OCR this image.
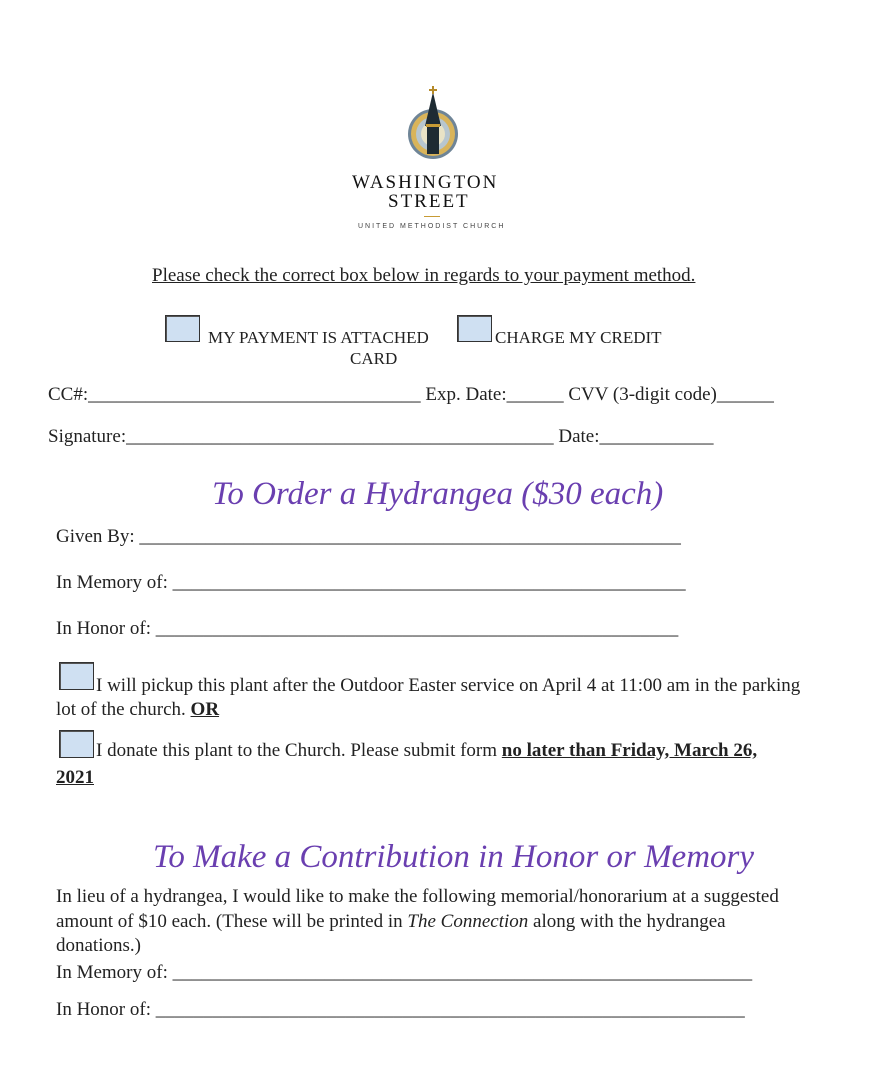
WASHINGTON
STREET
UNITED METHODIST CHURCH
Please check the correct box below in regards to your payment method.
MY PAYMENT IS ATTACHED
CARD
CHARGE MY CREDIT
CC#:___________________________________ Exp. Date:______ CVV (3-digit code)______
Signature:_____________________________________________ Date:____________
To Order a Hydrangea ($30 each)
Given By: _________________________________________________________
In Memory of: ______________________________________________________
In Honor of: _______________________________________________________
I will pickup this plant after the Outdoor Easter service on April 4 at 11:00 am in the parking
lot of the church. OR
I donate this plant to the Church. Please submit form no later than Friday, March 26,
2021
To Make a Contribution in Honor or Memory
In lieu of a hydrangea, I would like to make the following memorial/honorarium at a suggested
amount of $10 each. (These will be printed in The Connection along with the hydrangea
donations.)
In Memory of: _____________________________________________________________
In Honor of: ______________________________________________________________
